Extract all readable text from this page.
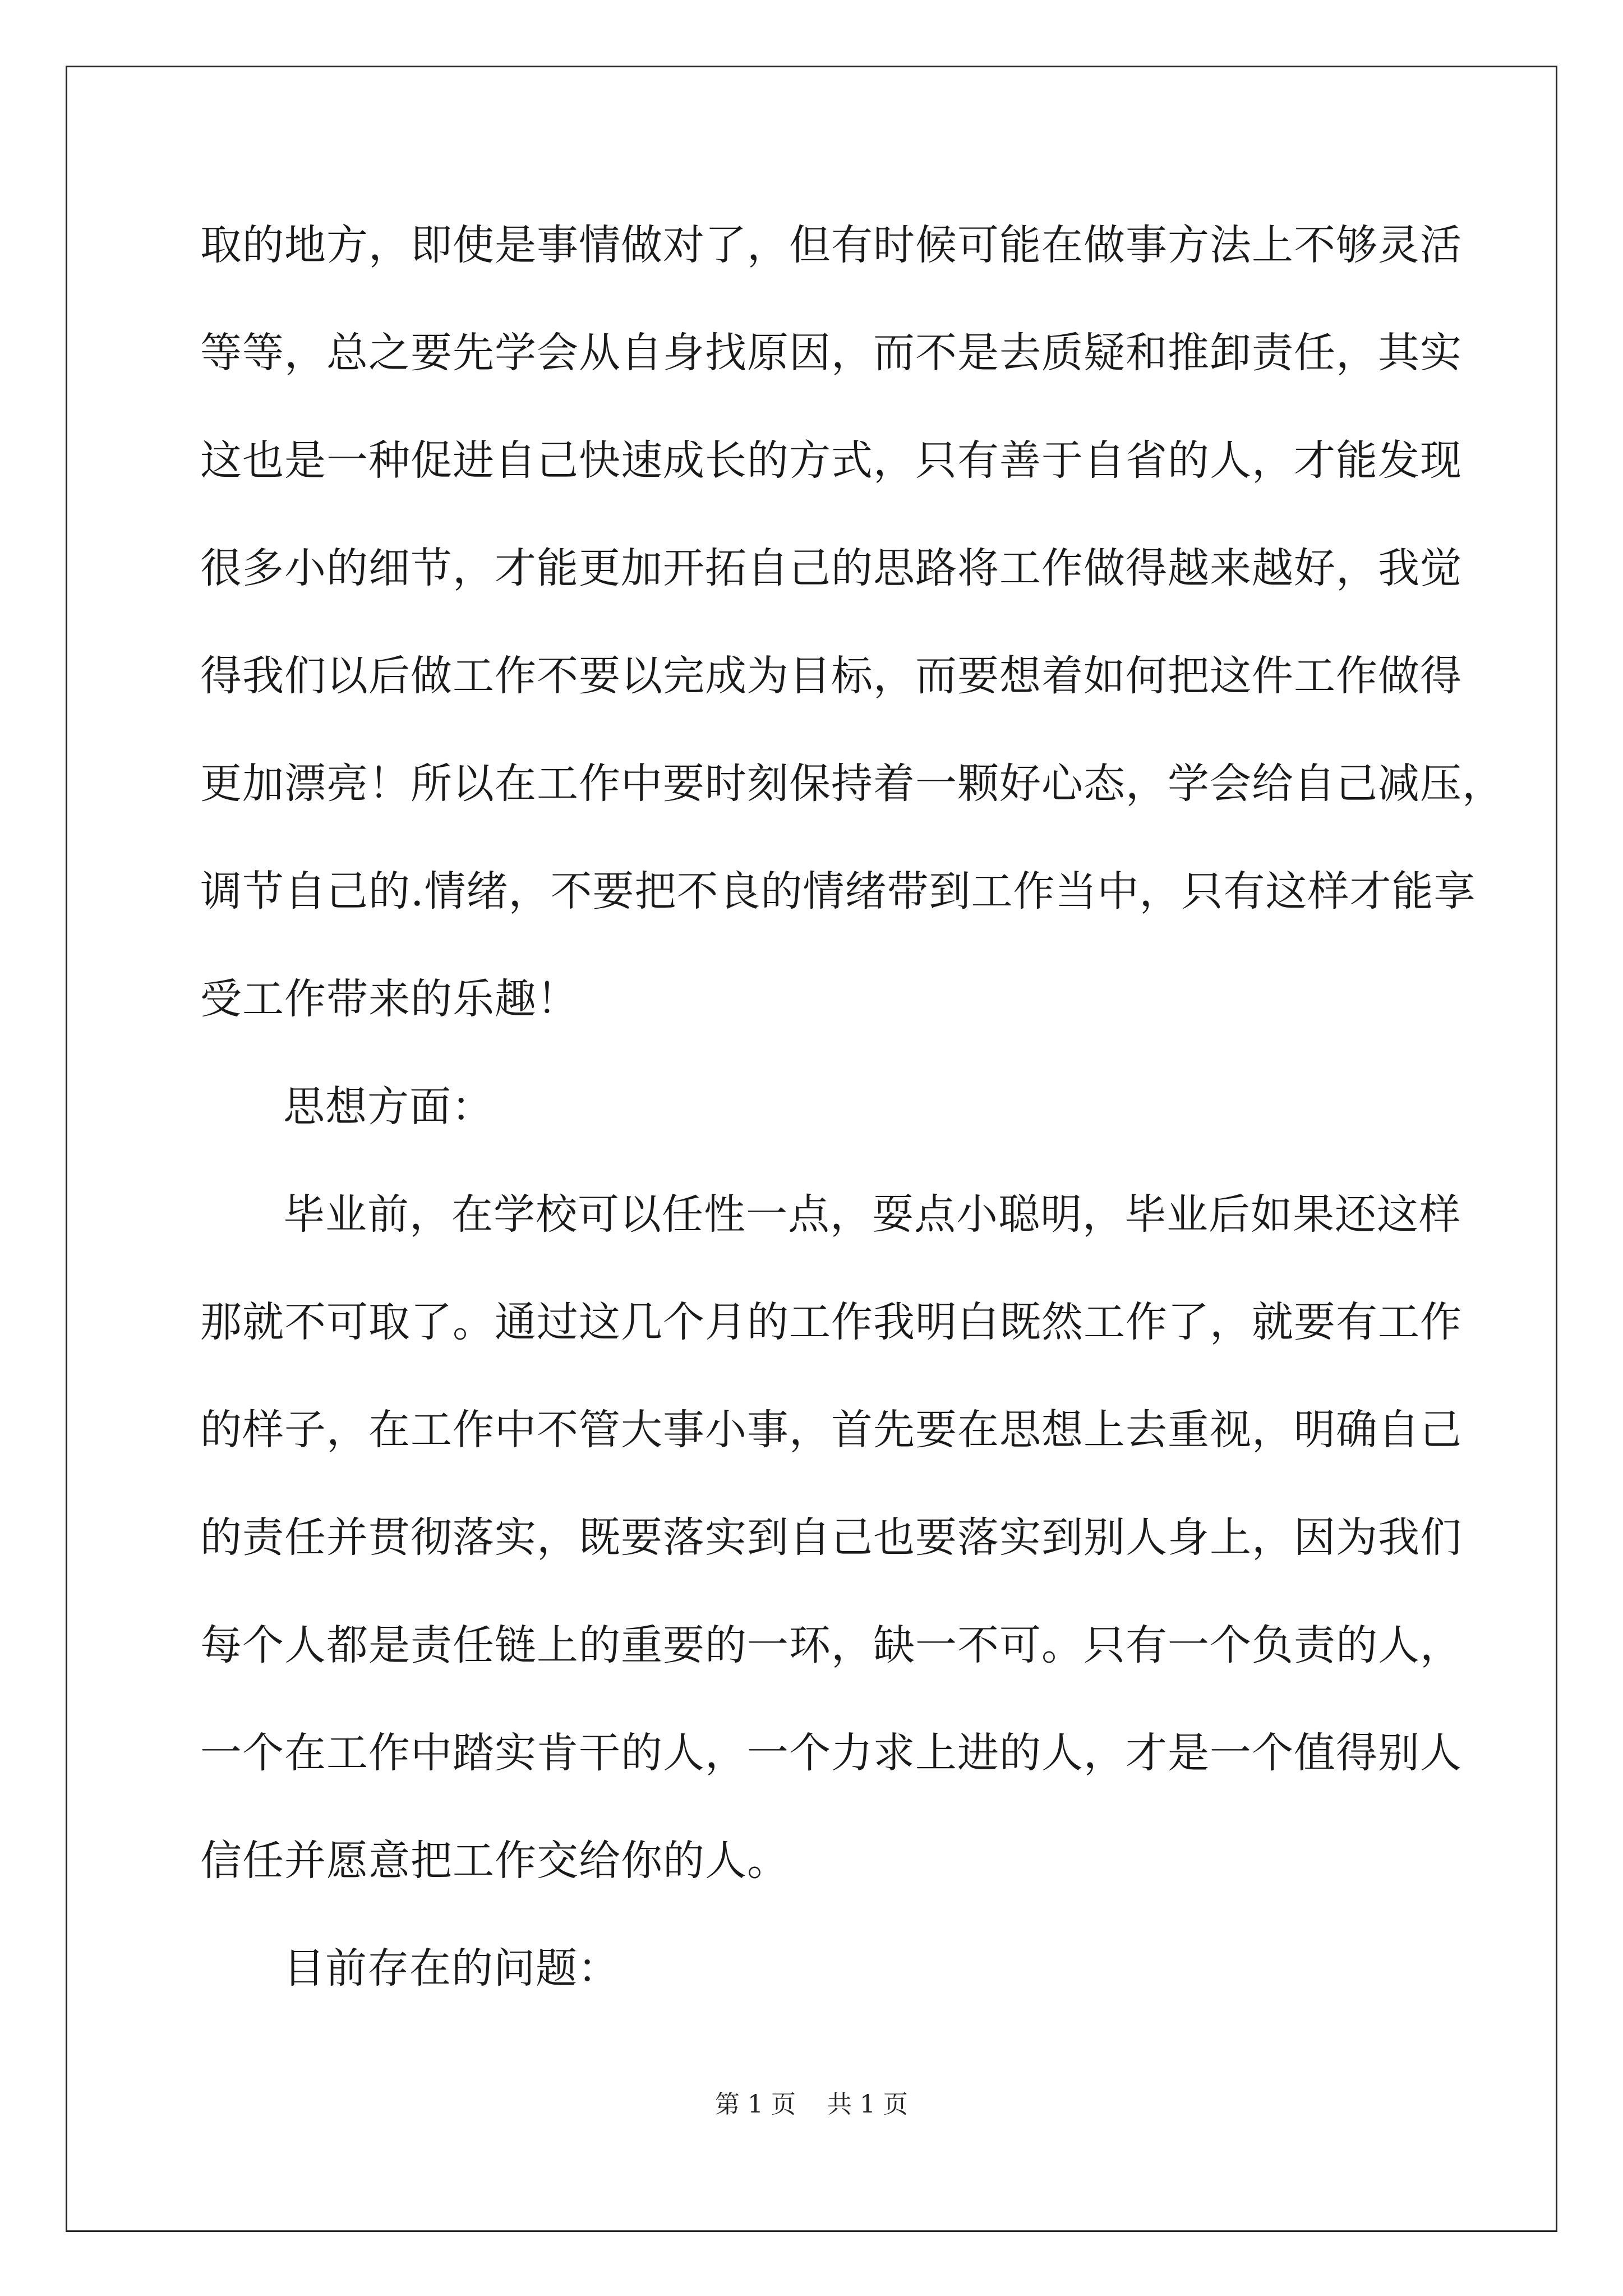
取的地方，即使是事情做对了，但有时候可能在做事方法上不够灵活
等等，总之要先学会从自身找原因，而不是去质疑和推卸责任，其实
这也是一种促进自己快速成长的方式，只有善于自省的人，才能发现
很多小的细节，才能更加开拓自己的思路将工作做得越来越好，我觉
得我们以后做工作不要以完成为目标，而要想着如何把这件工作做得
更加漂亮！所以在工作中要时刻保持着一颗好心态，学会给自己减压，
调节自己的.情绪，不要把不良的情绪带到工作当中，只有这样才能享
受工作带来的乐趣！
思想方面：
毕业前，在学校可以任性一点，耍点小聪明，毕业后如果还这样
那就不可取了。通过这几个月的工作我明白既然工作了，就要有工作
的样子，在工作中不管大事小事，首先要在思想上去重视，明确自己
的责任并贯彻落实，既要落实到自己也要落实到别人身上，因为我们
每个人都是责任链上的重要的一环，缺一不可。只有一个负责的人，
一个在工作中踏实肯干的人，一个力求上进的人，才是一个值得别人
信任并愿意把工作交给你的人。
目前存在的问题：
第 1 页    共 1 页
